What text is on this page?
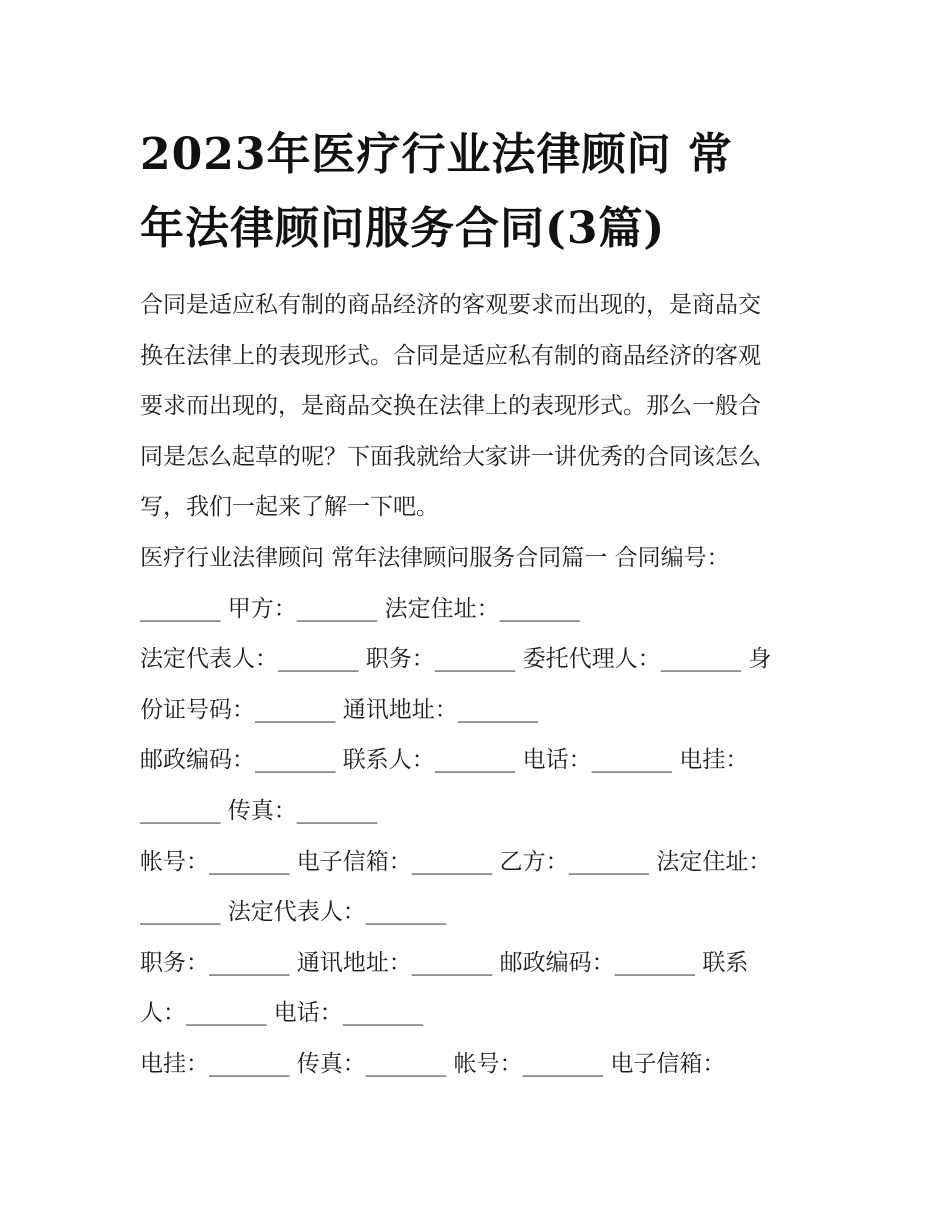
2023年医疗行业法律顾问 常
年法律顾问服务合同(3篇)

合同是适应私有制的商品经济的客观要求而出现的，是商品交
换在法律上的表现形式。合同是适应私有制的商品经济的客观
要求而出现的，是商品交换在法律上的表现形式。那么一般合
同是怎么起草的呢？下面我就给大家讲一讲优秀的合同该怎么
写，我们一起来了解一下吧。

医疗行业法律顾问 常年法律顾问服务合同篇一 合同编号：
_______ 甲方：_______ 法定住址：_______
法定代表人：_______ 职务：_______ 委托代理人：_______ 身
份证号码：_______ 通讯地址：_______
邮政编码：_______ 联系人：_______ 电话：_______ 电挂：
_______ 传真：_______
帐号：_______ 电子信箱：_______ 乙方：_______ 法定住址：
_______ 法定代表人：_______
职务：_______ 通讯地址：_______ 邮政编码：_______ 联系
人：_______ 电话：_______
电挂：_______ 传真：_______ 帐号：_______ 电子信箱：
